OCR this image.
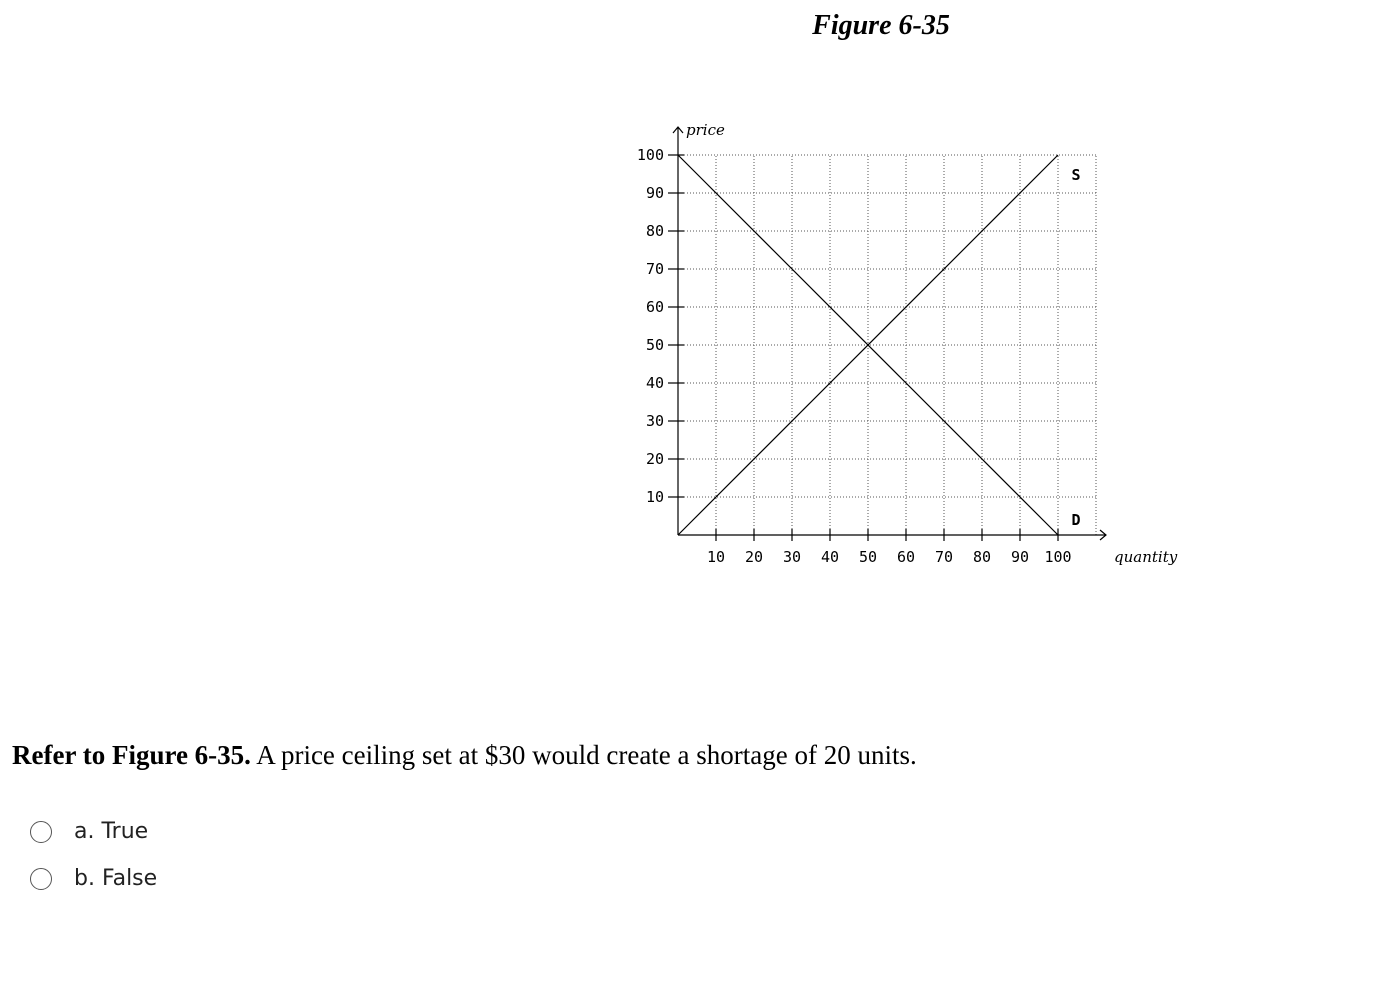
Figure 6-35
10 20 30 40 50 60 70 80 90 100
10
20
30
40
50
60
70
80
90
100
price
quantity
S
D
Refer to Figure 6-35. A price ceiling set at $30 would create a shortage of 20 units.
a. True
b. False
